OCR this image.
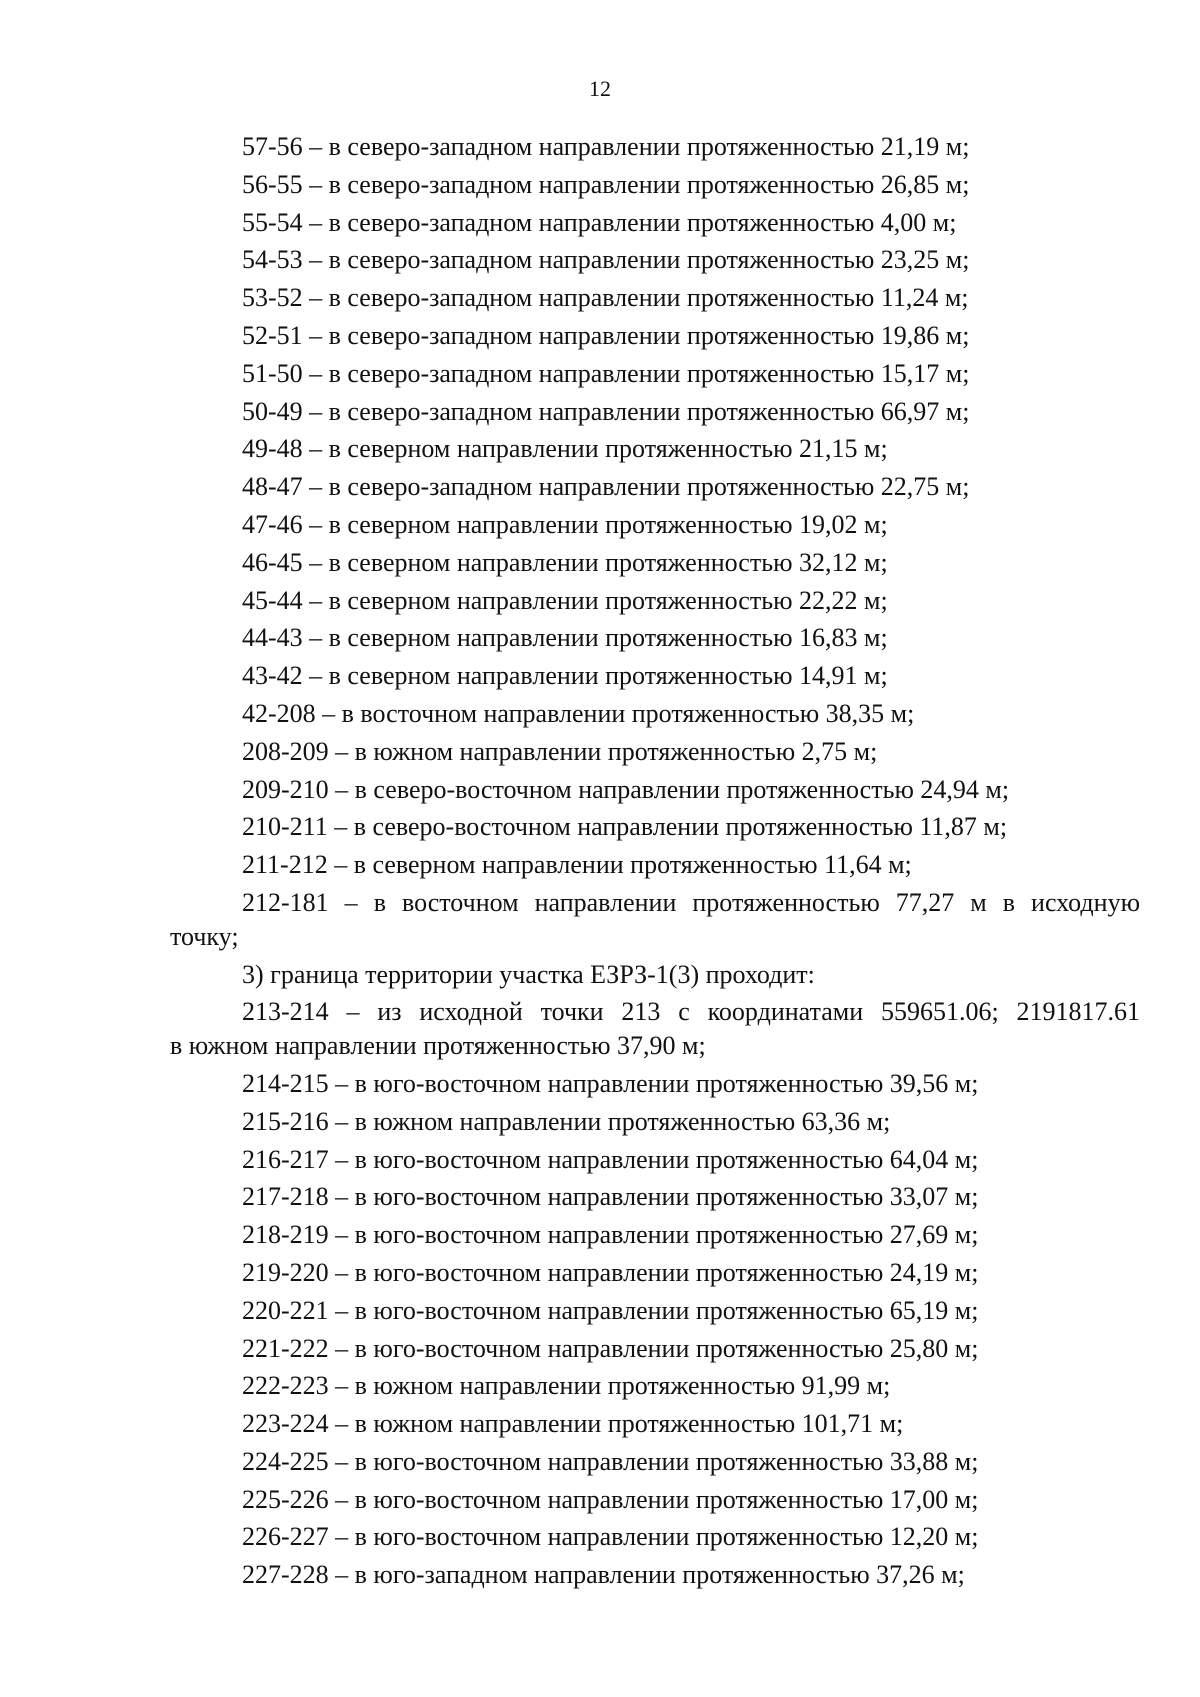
12
57-56 – в северо-западном направлении протяженностью 21,19 м;
56-55 – в северо-западном направлении протяженностью 26,85 м;
55-54 – в северо-западном направлении протяженностью 4,00 м;
54-53 – в северо-западном направлении протяженностью 23,25 м;
53-52 – в северо-западном направлении протяженностью 11,24 м;
52-51 – в северо-западном направлении протяженностью 19,86 м;
51-50 – в северо-западном направлении протяженностью 15,17 м;
50-49 – в северо-западном направлении протяженностью 66,97 м;
49-48 – в северном направлении протяженностью 21,15 м;
48-47 – в северо-западном направлении протяженностью 22,75 м;
47-46 – в северном направлении протяженностью 19,02 м;
46-45 – в северном направлении протяженностью 32,12 м;
45-44 – в северном направлении протяженностью 22,22 м;
44-43 – в северном направлении протяженностью 16,83 м;
43-42 – в северном направлении протяженностью 14,91 м;
42-208 – в восточном направлении протяженностью 38,35 м;
208-209 – в южном направлении протяженностью 2,75 м;
209-210 – в северо-восточном направлении протяженностью 24,94 м;
210-211 – в северо-восточном направлении протяженностью 11,87 м;
211-212 – в северном направлении протяженностью 11,64 м;
212-181 – в восточном направлении протяженностью 77,27 м в исходную
точку;
3) граница территории участка ЕЗРЗ-1(3) проходит:
213-214 – из исходной точки 213 с координатами 559651.06; 2191817.61
в южном направлении протяженностью 37,90 м;
214-215 – в юго-восточном направлении протяженностью 39,56 м;
215-216 – в южном направлении протяженностью 63,36 м;
216-217 – в юго-восточном направлении протяженностью 64,04 м;
217-218 – в юго-восточном направлении протяженностью 33,07 м;
218-219 – в юго-восточном направлении протяженностью 27,69 м;
219-220 – в юго-восточном направлении протяженностью 24,19 м;
220-221 – в юго-восточном направлении протяженностью 65,19 м;
221-222 – в юго-восточном направлении протяженностью 25,80 м;
222-223 – в южном направлении протяженностью 91,99 м;
223-224 – в южном направлении протяженностью 101,71 м;
224-225 – в юго-восточном направлении протяженностью 33,88 м;
225-226 – в юго-восточном направлении протяженностью 17,00 м;
226-227 – в юго-восточном направлении протяженностью 12,20 м;
227-228 – в юго-западном направлении протяженностью 37,26 м;
